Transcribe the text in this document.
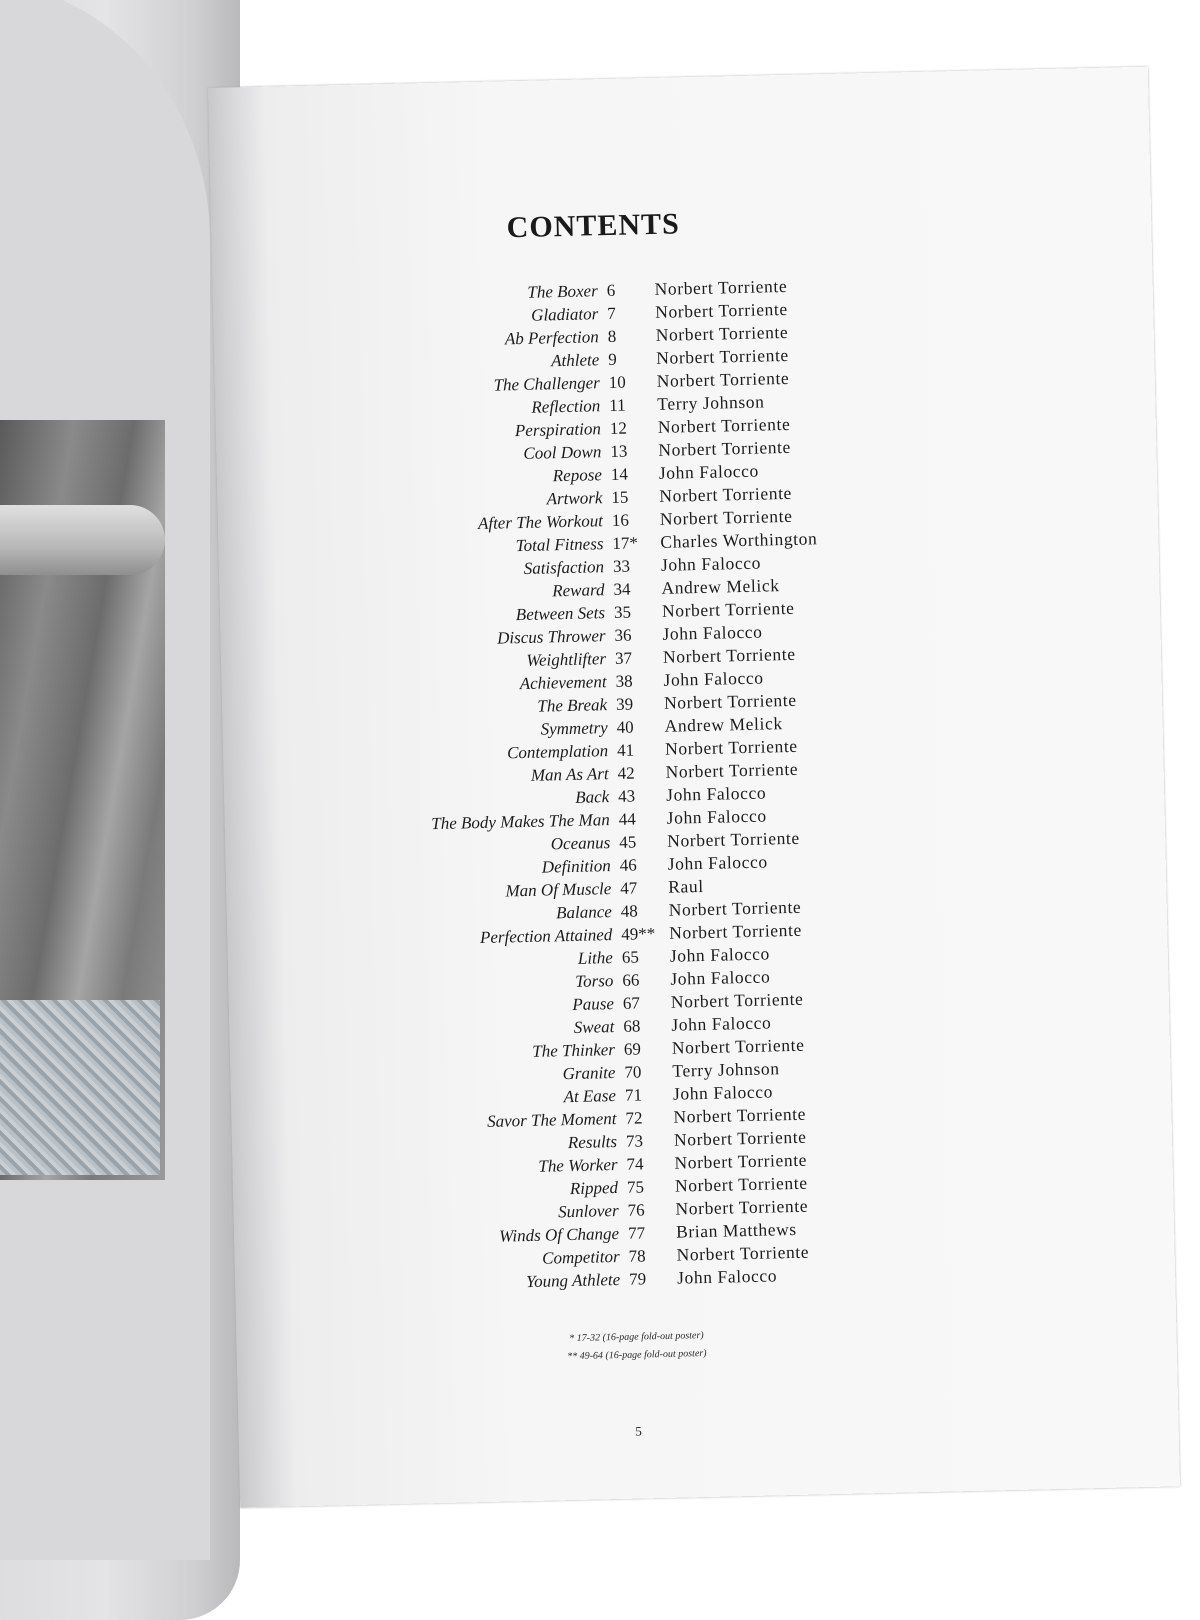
CONTENTS
The Boxer 6 Norbert Torriente
Gladiator 7 Norbert Torriente
Ab Perfection 8 Norbert Torriente
Athlete 9 Norbert Torriente
The Challenger 10 Norbert Torriente
Reflection 11 Terry Johnson
Perspiration 12 Norbert Torriente
Cool Down 13 Norbert Torriente
Repose 14 John Falocco
Artwork 15 Norbert Torriente
After The Workout 16 Norbert Torriente
Total Fitness 17* Charles Worthington
Satisfaction 33 John Falocco
Reward 34 Andrew Melick
Between Sets 35 Norbert Torriente
Discus Thrower 36 John Falocco
Weightlifter 37 Norbert Torriente
Achievement 38 John Falocco
The Break 39 Norbert Torriente
Symmetry 40 Andrew Melick
Contemplation 41 Norbert Torriente
Man As Art 42 Norbert Torriente
Back 43 John Falocco
The Body Makes The Man 44 John Falocco
Oceanus 45 Norbert Torriente
Definition 46 John Falocco
Man Of Muscle 47 Raul
Balance 48 Norbert Torriente
Perfection Attained 49** Norbert Torriente
Lithe 65 John Falocco
Torso 66 John Falocco
Pause 67 Norbert Torriente
Sweat 68 John Falocco
The Thinker 69 Norbert Torriente
Granite 70 Terry Johnson
At Ease 71 John Falocco
Savor The Moment 72 Norbert Torriente
Results 73 Norbert Torriente
The Worker 74 Norbert Torriente
Ripped 75 Norbert Torriente
Sunlover 76 Norbert Torriente
Winds Of Change 77 Brian Matthews
Competitor 78 Norbert Torriente
Young Athlete 79 John Falocco
* 17-32 (16-page fold-out poster)
** 49-64 (16-page fold-out poster)
5
